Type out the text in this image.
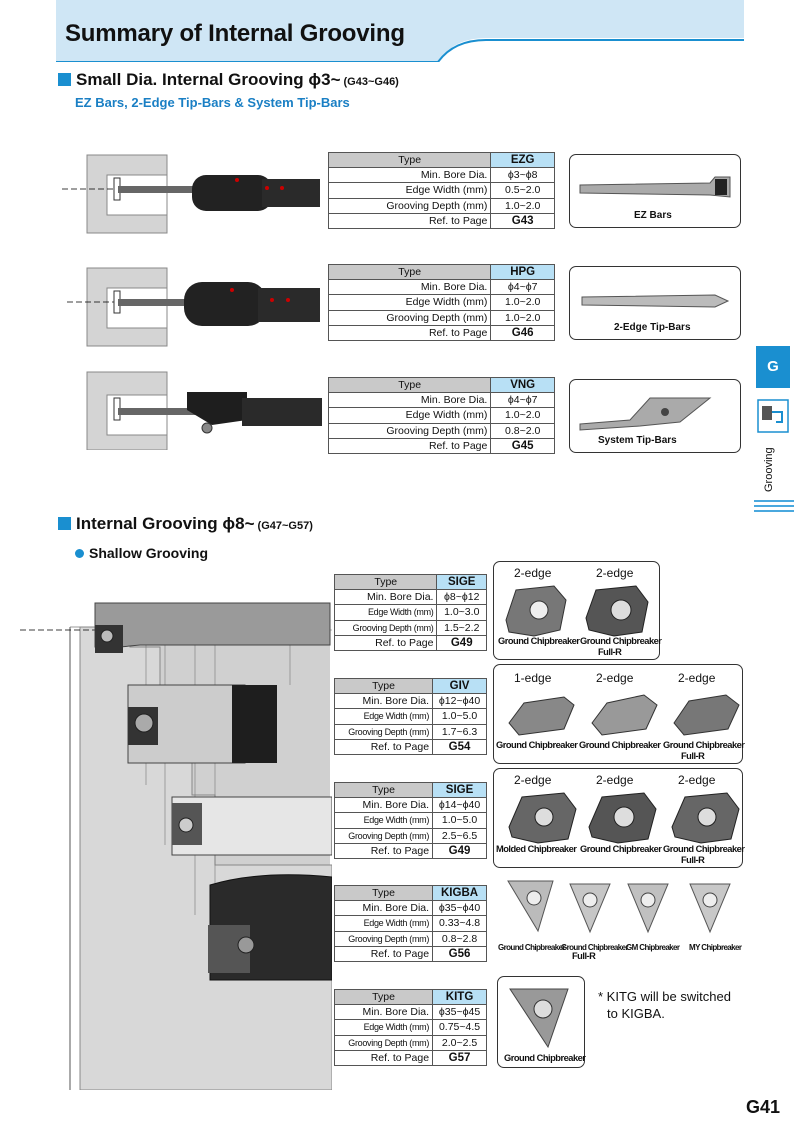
Summary of Internal Grooving
Small Dia. Internal Grooving ϕ3~ (G43~G46)
EZ Bars, 2-Edge Tip-Bars & System Tip-Bars
Type	EZG
Min. Bore Dia.	ϕ3~ϕ8
Edge Width (mm)	0.5~2.0
Grooving Depth (mm)	1.0~2.0
Ref. to Page	G43
Type	HPG
Min. Bore Dia.	ϕ4~ϕ7
Edge Width (mm)	1.0~2.0
Grooving Depth (mm)	1.0~2.0
Ref. to Page	G46
Type	VNG
Min. Bore Dia.	ϕ4~ϕ7
Edge Width (mm)	1.0~2.0
Grooving Depth (mm)	0.8~2.0
Ref. to Page	G45
EZ Bars
2-Edge Tip-Bars
System Tip-Bars
Internal Grooving ϕ8~ (G47~G57)
Shallow Grooving
Type	SIGE
Min. Bore Dia.	ϕ8~ϕ12
Edge Width (mm)	1.0~3.0
Grooving Depth (mm)	1.5~2.2
Ref. to Page	G49
Type	GIV
Min. Bore Dia.	ϕ12~ϕ40
Edge Width (mm)	1.0~5.0
Grooving Depth (mm)	1.7~6.3
Ref. to Page	G54
Type	SIGE
Min. Bore Dia.	ϕ14~ϕ40
Edge Width (mm)	1.0~5.0
Grooving Depth (mm)	2.5~6.5
Ref. to Page	G49
Type	KIGBA
Min. Bore Dia.	ϕ35~ϕ40
Edge Width (mm)	0.33~4.8
Grooving Depth (mm)	0.8~2.8
Ref. to Page	G56
Type	KITG
Min. Bore Dia.	ϕ35~ϕ45
Edge Width (mm)	0.75~4.5
Grooving Depth (mm)	2.0~2.5
Ref. to Page	G57
2-edge	2-edge
Ground Chipbreaker Ground Chipbreaker
Full-R
1-edge	2-edge	2-edge
Ground Chipbreaker Ground Chipbreaker Ground Chipbreaker
Full-R
2-edge	2-edge	2-edge
Molded Chipbreaker Ground Chipbreaker Ground Chipbreaker
Full-R
Ground Chipbreaker
Ground Chipbreaker
GM Chipbreaker MY Chipbreaker
Full-R
Ground Chipbreaker
* KITG will be switched
to KIGBA.
G
Grooving
G41
